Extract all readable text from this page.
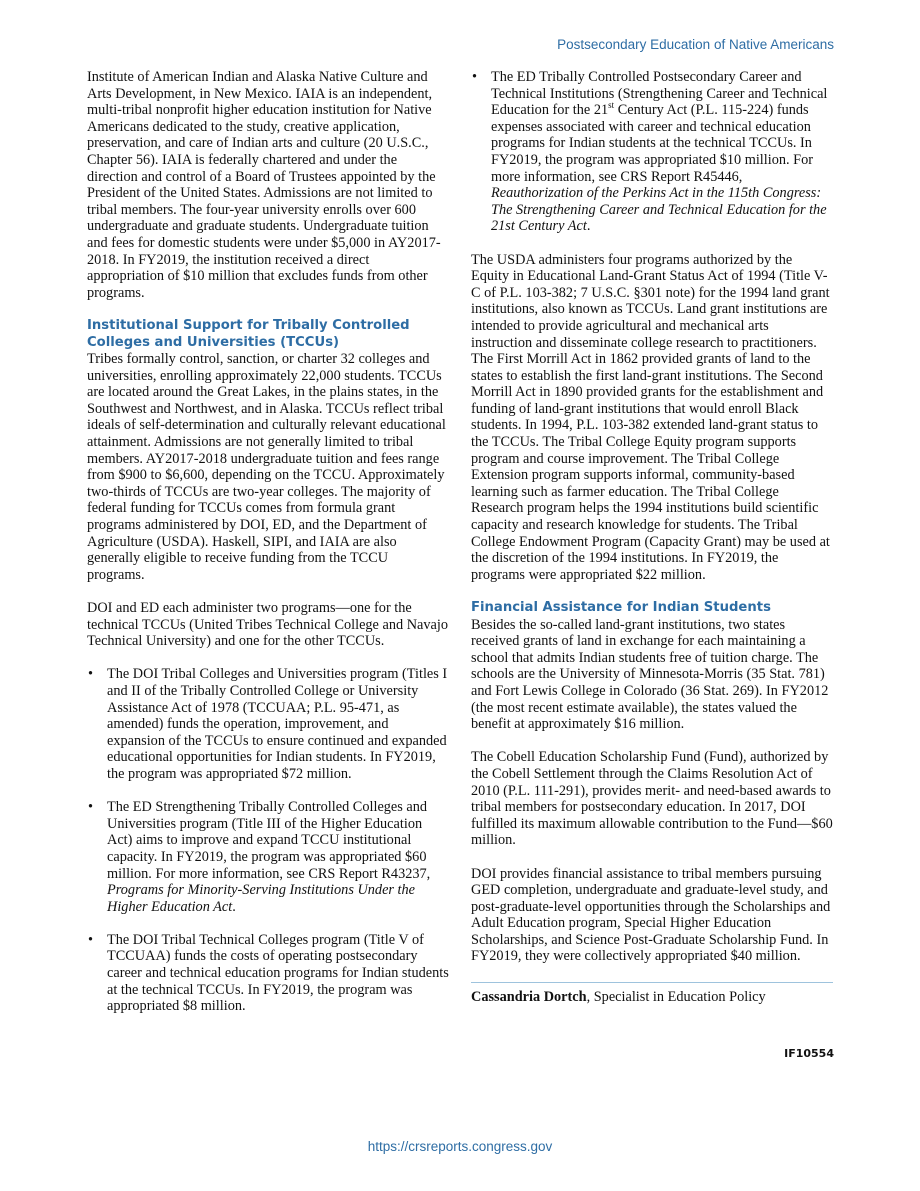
Postsecondary Education of Native Americans

Institute of American Indian and Alaska Native Culture and Arts Development, in New Mexico. IAIA is an independent, multi-tribal nonprofit higher education institution for Native Americans dedicated to the study, creative application, preservation, and care of Indian arts and culture (20 U.S.C., Chapter 56). IAIA is federally chartered and under the direction and control of a Board of Trustees appointed by the President of the United States. Admissions are not limited to tribal members. The four-year university enrolls over 600 undergraduate and graduate students. Undergraduate tuition and fees for domestic students were under $5,000 in AY2017-2018. In FY2019, the institution received a direct appropriation of $10 million that excludes funds from other programs.

Institutional Support for Tribally Controlled
Colleges and Universities (TCCUs)

Tribes formally control, sanction, or charter 32 colleges and universities, enrolling approximately 22,000 students. TCCUs are located around the Great Lakes, in the plains states, in the Southwest and Northwest, and in Alaska. TCCUs reflect tribal ideals of self-determination and culturally relevant educational attainment. Admissions are not generally limited to tribal members. AY2017-2018 undergraduate tuition and fees range from $900 to $6,600, depending on the TCCU. Approximately two-thirds of TCCUs are two-year colleges. The majority of federal funding for TCCUs comes from formula grant programs administered by DOI, ED, and the Department of Agriculture (USDA). Haskell, SIPI, and IAIA are also generally eligible to receive funding from the TCCU programs.

DOI and ED each administer two programs—one for the technical TCCUs (United Tribes Technical College and Navajo Technical University) and one for the other TCCUs.

• The DOI Tribal Colleges and Universities program (Titles I and II of the Tribally Controlled College or University Assistance Act of 1978 (TCCUAA; P.L. 95-471, as amended) funds the operation, improvement, and expansion of the TCCUs to ensure continued and expanded educational opportunities for Indian students. In FY2019, the program was appropriated $72 million.
• The ED Strengthening Tribally Controlled Colleges and Universities program (Title III of the Higher Education Act) aims to improve and expand TCCU institutional capacity. In FY2019, the program was appropriated $60 million. For more information, see CRS Report R43237, Programs for Minority-Serving Institutions Under the Higher Education Act.
• The DOI Tribal Technical Colleges program (Title V of TCCUAA) funds the costs of operating postsecondary career and technical education programs for Indian students at the technical TCCUs. In FY2019, the program was appropriated $8 million.
• The ED Tribally Controlled Postsecondary Career and Technical Institutions (Strengthening Career and Technical Education for the 21st Century Act (P.L. 115-224) funds expenses associated with career and technical education programs for Indian students at the technical TCCUs. In FY2019, the program was appropriated $10 million. For more information, see CRS Report R45446, Reauthorization of the Perkins Act in the 115th Congress: The Strengthening Career and Technical Education for the 21st Century Act.

The USDA administers four programs authorized by the Equity in Educational Land-Grant Status Act of 1994 (Title V-C of P.L. 103-382; 7 U.S.C. §301 note) for the 1994 land grant institutions, also known as TCCUs. Land grant institutions are intended to provide agricultural and mechanical arts instruction and disseminate college research to practitioners. The First Morrill Act in 1862 provided grants of land to the states to establish the first land-grant institutions. The Second Morrill Act in 1890 provided grants for the establishment and funding of land-grant institutions that would enroll Black students. In 1994, P.L. 103-382 extended land-grant status to the TCCUs. The Tribal College Equity program supports program and course improvement. The Tribal College Extension program supports informal, community-based learning such as farmer education. The Tribal College Research program helps the 1994 institutions build scientific capacity and research knowledge for students. The Tribal College Endowment Program (Capacity Grant) may be used at the discretion of the 1994 institutions. In FY2019, the programs were appropriated $22 million.

Financial Assistance for Indian Students

Besides the so-called land-grant institutions, two states received grants of land in exchange for each maintaining a school that admits Indian students free of tuition charge. The schools are the University of Minnesota-Morris (35 Stat. 781) and Fort Lewis College in Colorado (36 Stat. 269). In FY2012 (the most recent estimate available), the states valued the benefit at approximately $16 million.

The Cobell Education Scholarship Fund (Fund), authorized by the Cobell Settlement through the Claims Resolution Act of 2010 (P.L. 111-291), provides merit- and need-based awards to tribal members for postsecondary education. In 2017, DOI fulfilled its maximum allowable contribution to the Fund—$60 million.

DOI provides financial assistance to tribal members pursuing GED completion, undergraduate and graduate-level study, and post-graduate-level opportunities through the Scholarships and Adult Education program, Special Higher Education Scholarships, and Science Post-Graduate Scholarship Fund. In FY2019, they were collectively appropriated $40 million.

Cassandria Dortch, Specialist in Education Policy
IF10554
https://crsreports.congress.gov
